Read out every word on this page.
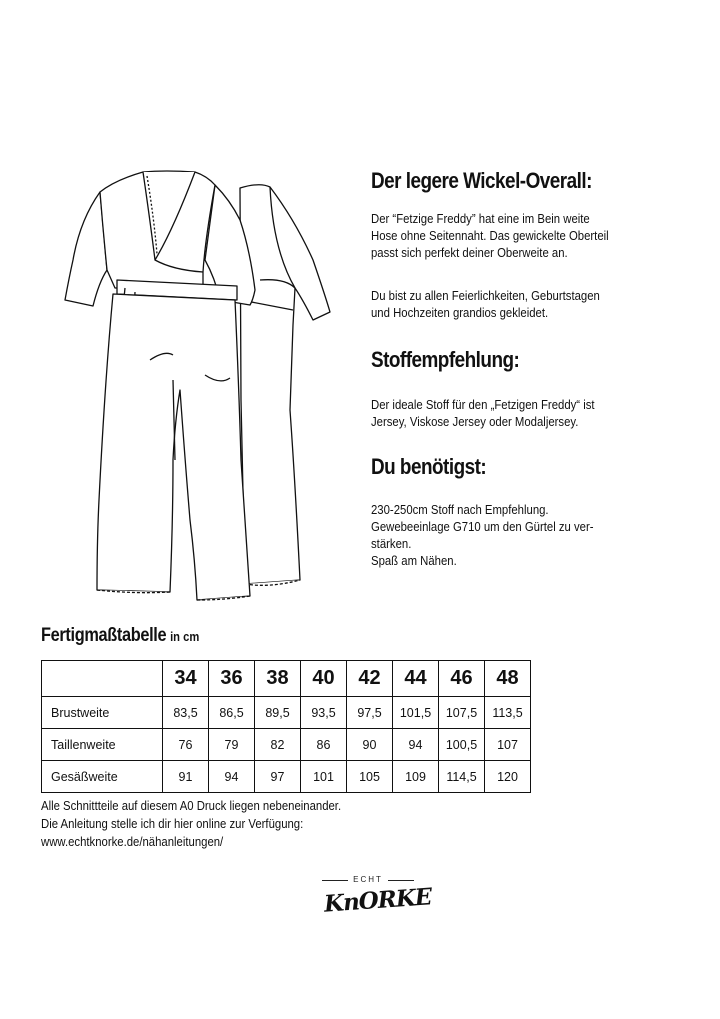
Der legere Wickel-Overall:
Der “Fetzige Freddy” hat eine im Bein weite
Hose ohne Seitennaht. Das gewickelte Oberteil
passt sich perfekt deiner Oberweite an.
Du bist zu allen Feierlichkeiten, Geburtstagen
und Hochzeiten grandios gekleidet.
Stoffempfehlung:
Der ideale Stoff für den „Fetzigen Freddy“ ist
Jersey, Viskose Jersey oder Modaljersey.
Du benötigst:
230-250cm Stoff nach Empfehlung.
Gewebeeinlage G710 um den Gürtel zu ver-
stärken.
Spaß am Nähen.
Fertigmaßtabelle in cm
	34	36	38	40	42	44	46	48
Brustweite	83,5	86,5	89,5	93,5	97,5	101,5	107,5	113,5
Taillenweite	76	79	82	86	90	94	100,5	107
Gesäßweite	91	94	97	101	105	109	114,5	120
Alle Schnittteile auf diesem A0 Druck liegen nebeneinander.
Die Anleitung stelle ich dir hier online zur Verfügung:
www.echtknorke.de/nähanleitungen/
ECHT
KnORKE
